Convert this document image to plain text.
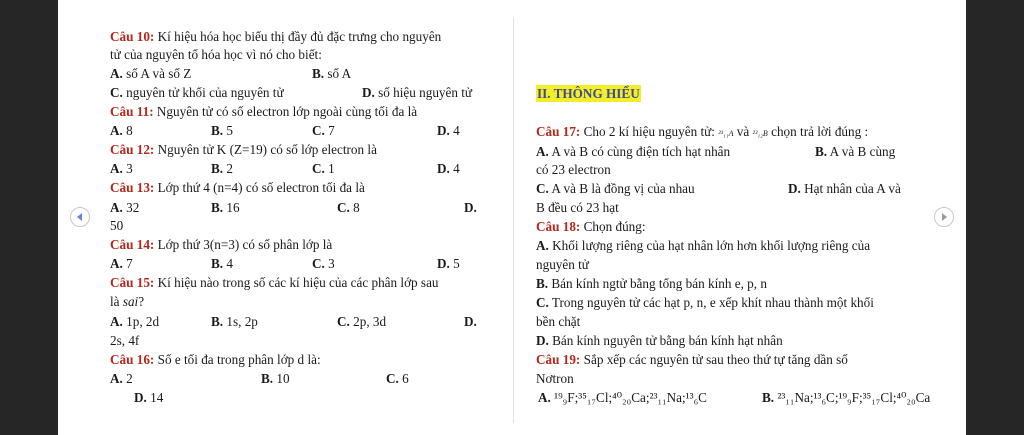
Câu 10: Kí hiệu hóa học biểu thị đầy đủ đặc trưng cho nguyên
tử của nguyên tố hóa học vì nó cho biết:
A. số A và số Z	B. số A
C. nguyên tử khối của nguyên tử	D. số hiệu nguyên tử
Câu 11: Nguyên tử có số electron lớp ngoài cùng tối đa là
A. 8	B. 5	C. 7	D. 4
Câu 12: Nguyên tử K (Z=19) có số lớp electron là
A. 3	B. 2	C. 1	D. 4
Câu 13: Lớp thứ 4 (n=4) có số electron tối đa là
A. 32	B. 16	C. 8	D.
50
Câu 14: Lớp thứ 3(n=3) có số phân lớp là
A. 7	B. 4	C. 3	D. 5
Câu 15: Kí hiệu nào trong số các kí hiệu của các phân lớp sau
là sai?
A. 1p, 2d	B. 1s, 2p	C. 2p, 3d	D.
2s, 4f
Câu 16: Số e tối đa trong phân lớp d là:
A. 2	B. 10	C. 6
D. 14
II. THÔNG HIỂU
Câu 17: Cho 2 kí hiệu nguyên tử: ²³₁₁A và ²³₁₂B chọn trả lời đúng :
A. A và B có cùng điện tích hạt nhân	B. A và B cùng
có 23 electron
C. A và B là đồng vị của nhau	D. Hạt nhân của A và
B đều có 23 hạt
Câu 18: Chọn đúng:
A. Khối lượng riêng của hạt nhân lớn hơn khối lượng riêng của
nguyên tử
B. Bán kính ngtử bằng tổng bán kính e, p, n
C. Trong nguyên tử các hạt p, n, e xếp khít nhau thành một khối
bền chặt
D. Bán kính nguyên tử bằng bán kính hạt nhân
Câu 19: Sắp xếp các nguyên tử sau theo thứ tự tăng dần số
Nơtron
A. ¹⁹₉F;³⁵₁₇Cl;⁴⁰₂₀Ca;²³₁₁Na;¹³₆C	B. ²³₁₁Na;¹³₆C;¹⁹₉F;³⁵₁₇Cl;⁴⁰₂₀Ca
